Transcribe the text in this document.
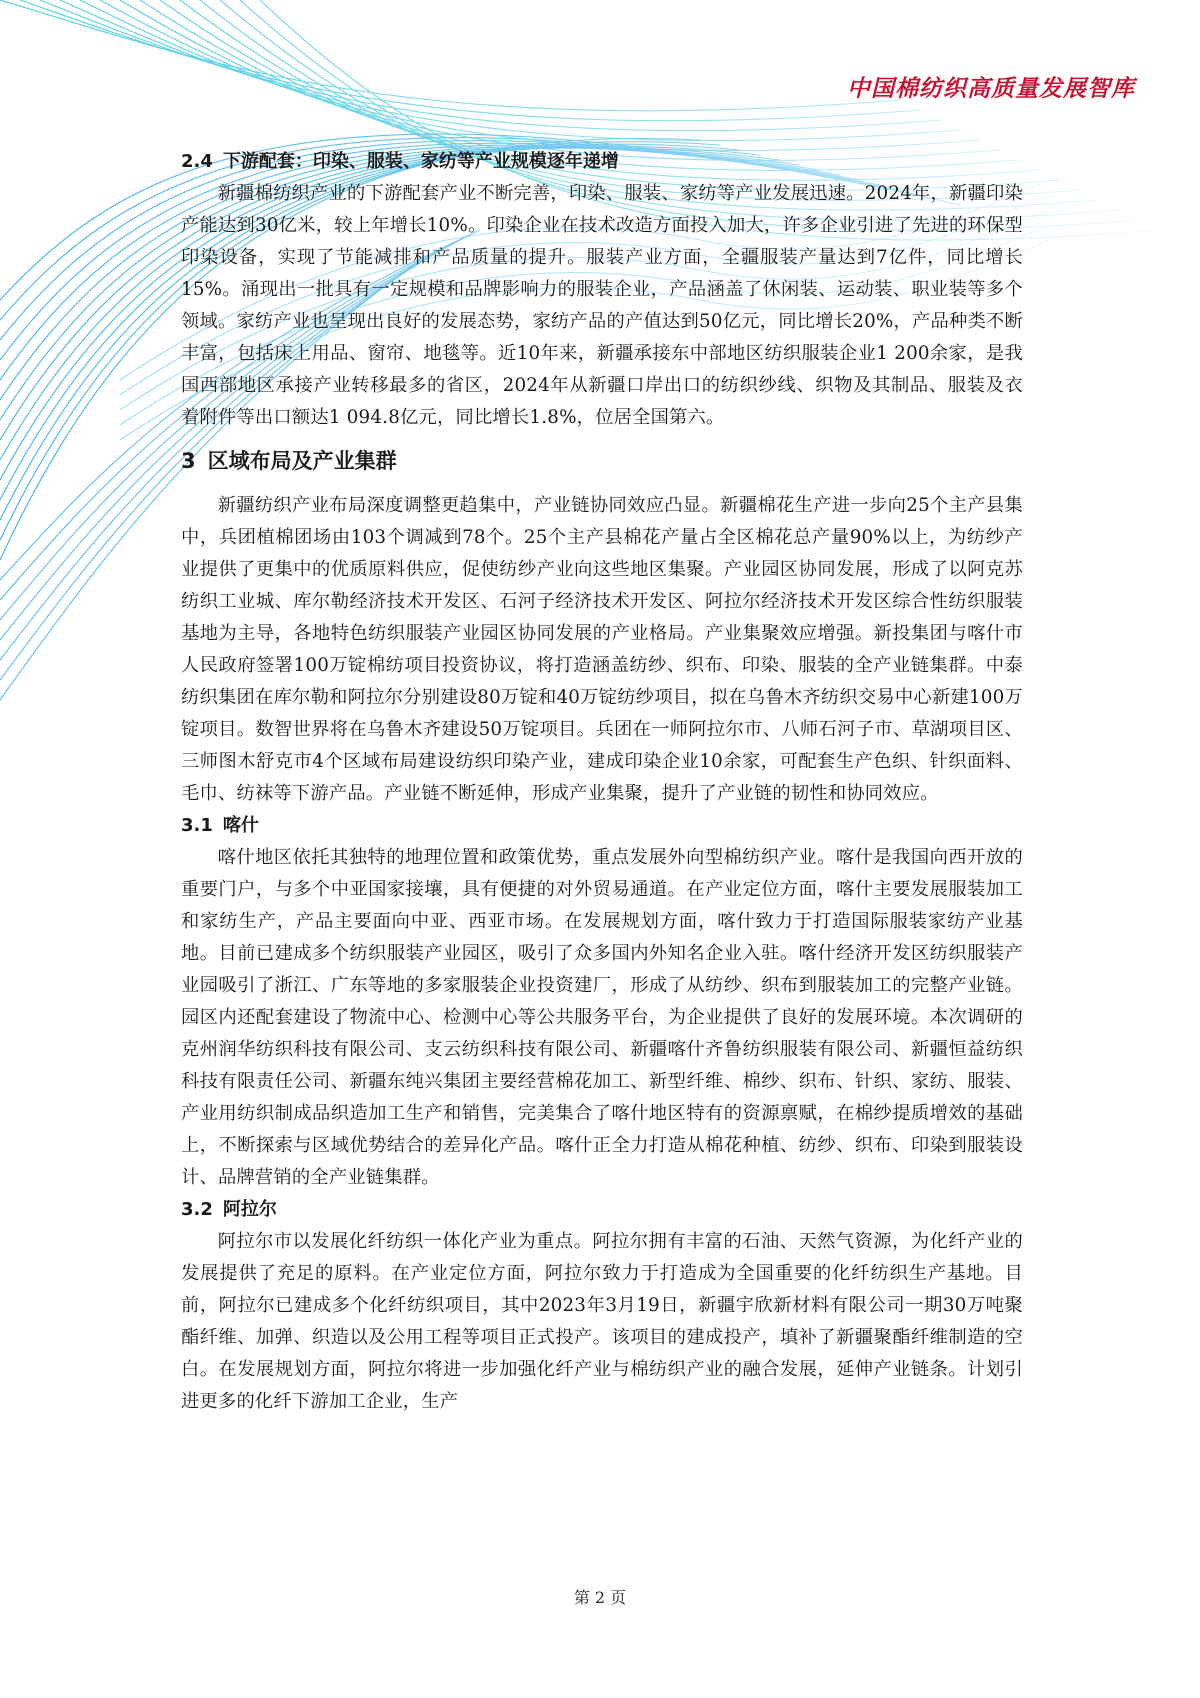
中国棉纺织高质量发展智库
2.4 下游配套：印染、服装、家纺等产业规模逐年递增

新疆棉纺织产业的下游配套产业不断完善，印染、服装、家纺等产业发展迅速。2024年，新疆印染产能达到30亿米，较上年增长10%。印染企业在技术改造方面投入加大，许多企业引进了先进的环保型印染设备，实现了节能减排和产品质量的提升。服装产业方面，全疆服装产量达到7亿件，同比增长15%。涌现出一批具有一定规模和品牌影响力的服装企业，产品涵盖了休闲装、运动装、职业装等多个领域。家纺产业也呈现出良好的发展态势，家纺产品的产值达到50亿元，同比增长20%，产品种类不断丰富，包括床上用品、窗帘、地毯等。近10年来，新疆承接东中部地区纺织服装企业1 200余家，是我国西部地区承接产业转移最多的省区，2024年从新疆口岸出口的纺织纱线、织物及其制品、服装及衣着附件等出口额达1 094.8亿元，同比增长1.8%，位居全国第六。

3 区域布局及产业集群

新疆纺织产业布局深度调整更趋集中，产业链协同效应凸显。新疆棉花生产进一步向25个主产县集中，兵团植棉团场由103个调减到78个。25个主产县棉花产量占全区棉花总产量90%以上，为纺纱产业提供了更集中的优质原料供应，促使纺纱产业向这些地区集聚。产业园区协同发展，形成了以阿克苏纺织工业城、库尔勒经济技术开发区、石河子经济技术开发区、阿拉尔经济技术开发区综合性纺织服装基地为主导，各地特色纺织服装产业园区协同发展的产业格局。产业集聚效应增强。新投集团与喀什市人民政府签署100万锭棉纺项目投资协议，将打造涵盖纺纱、织布、印染、服装的全产业链集群。中泰纺织集团在库尔勒和阿拉尔分别建设80万锭和40万锭纺纱项目，拟在乌鲁木齐纺织交易中心新建100万锭项目。数智世界将在乌鲁木齐建设50万锭项目。兵团在一师阿拉尔市、八师石河子市、草湖项目区、三师图木舒克市4个区域布局建设纺织印染产业，建成印染企业10余家，可配套生产色织、针织面料、毛巾、纺袜等下游产品。产业链不断延伸，形成产业集聚，提升了产业链的韧性和协同效应。

3.1 喀什

喀什地区依托其独特的地理位置和政策优势，重点发展外向型棉纺织产业。喀什是我国向西开放的重要门户，与多个中亚国家接壤，具有便捷的对外贸易通道。在产业定位方面，喀什主要发展服装加工和家纺生产，产品主要面向中亚、西亚市场。在发展规划方面，喀什致力于打造国际服装家纺产业基地。目前已建成多个纺织服装产业园区，吸引了众多国内外知名企业入驻。喀什经济开发区纺织服装产业园吸引了浙江、广东等地的多家服装企业投资建厂，形成了从纺纱、织布到服装加工的完整产业链。园区内还配套建设了物流中心、检测中心等公共服务平台，为企业提供了良好的发展环境。本次调研的克州润华纺织科技有限公司、支云纺织科技有限公司、新疆喀什齐鲁纺织服装有限公司、新疆恒益纺织科技有限责任公司、新疆东纯兴集团主要经营棉花加工、新型纤维、棉纱、织布、针织、家纺、服装、产业用纺织制成品织造加工生产和销售，完美集合了喀什地区特有的资源禀赋，在棉纱提质增效的基础上，不断探索与区域优势结合的差异化产品。喀什正全力打造从棉花种植、纺纱、织布、印染到服装设计、品牌营销的全产业链集群。

3.2 阿拉尔

阿拉尔市以发展化纤纺织一体化产业为重点。阿拉尔拥有丰富的石油、天然气资源，为化纤产业的发展提供了充足的原料。在产业定位方面，阿拉尔致力于打造成为全国重要的化纤纺织生产基地。目前，阿拉尔已建成多个化纤纺织项目，其中2023年3月19日，新疆宇欣新材料有限公司一期30万吨聚酯纤维、加弹、织造以及公用工程等项目正式投产。该项目的建成投产，填补了新疆聚酯纤维制造的空白。在发展规划方面，阿拉尔将进一步加强化纤产业与棉纺织产业的融合发展，延伸产业链条。计划引进更多的化纤下游加工企业，生产

第 2 页
